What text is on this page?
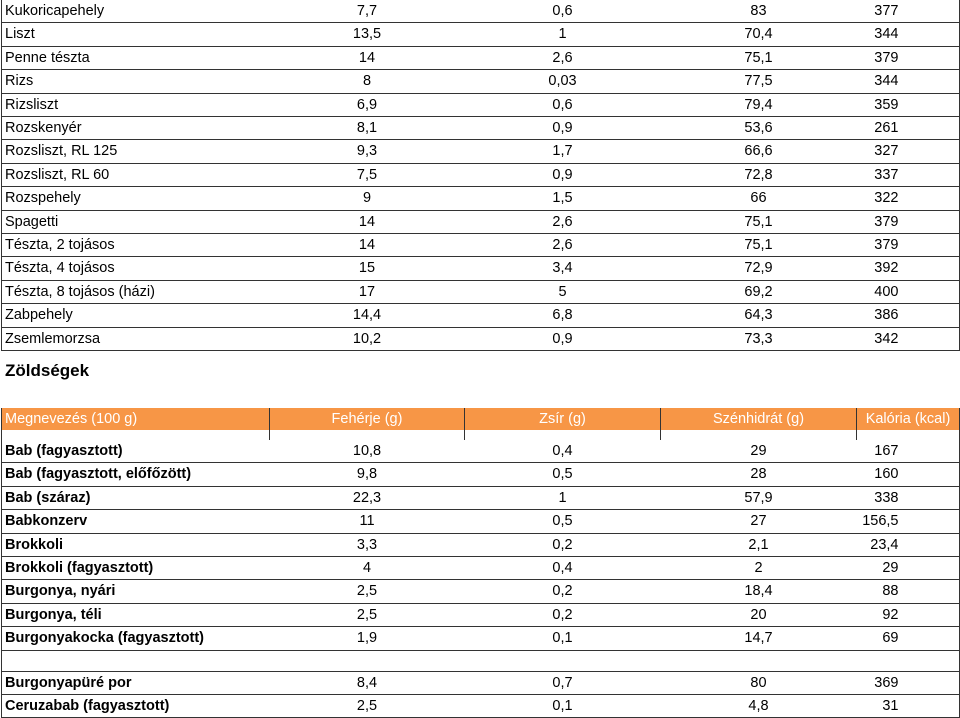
Kukoricapehely	7,7	0,6	83	377
Liszt	13,5	1	70,4	344
Penne tészta	14	2,6	75,1	379
Rizs	8	0,03	77,5	344
Rizsliszt	6,9	0,6	79,4	359
Rozskenyér	8,1	0,9	53,6	261
Rozsliszt, RL 125	9,3	1,7	66,6	327
Rozsliszt, RL 60	7,5	0,9	72,8	337
Rozspehely	9	1,5	66	322
Spagetti	14	2,6	75,1	379
Tészta, 2 tojásos	14	2,6	75,1	379
Tészta, 4 tojásos	15	3,4	72,9	392
Tészta, 8 tojásos (házi)	17	5	69,2	400
Zabpehely	14,4	6,8	64,3	386
Zsemlemorzsa	10,2	0,9	73,3	342
Zöldségek
Megnevezés (100 g)	Fehérje (g)	Zsír (g)	Szénhidrát (g)	Kalória (kcal)

Bab (fagyasztott)	10,8	0,4	29	167
Bab (fagyasztott, előfőzött)	9,8	0,5	28	160
Bab (száraz)	22,3	1	57,9	338
Babkonzerv	11	0,5	27	156,5
Brokkoli	3,3	0,2	2,1	23,4
Brokkoli (fagyasztott)	4	0,4	2	29
Burgonya, nyári	2,5	0,2	18,4	88
Burgonya, téli	2,5	0,2	20	92
Burgonyakocka (fagyasztott)	1,9	0,1	14,7	69

Burgonyapüré por	8,4	0,7	80	369
Ceruzabab (fagyasztott)	2,5	0,1	4,8	31
